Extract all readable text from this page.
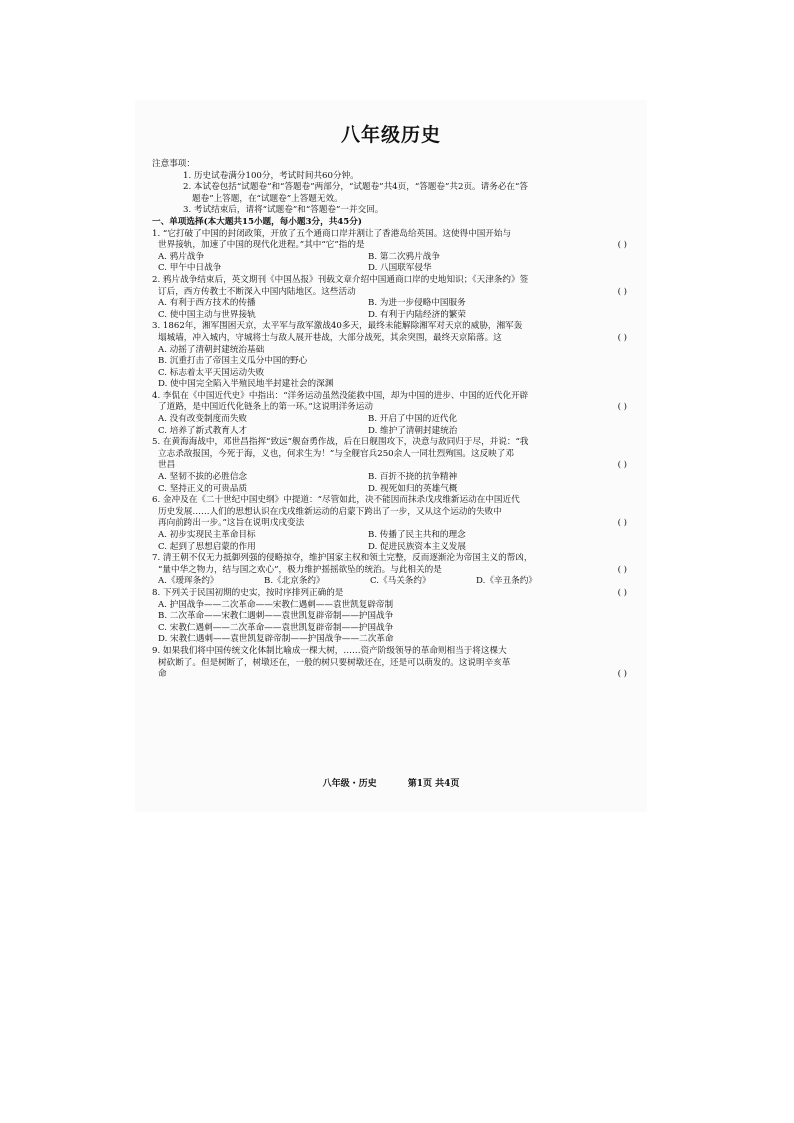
八年级历史
注意事项：
1. 历史试卷满分100分，考试时间共60分钟。
2. 本试卷包括“试题卷”和“答题卷”两部分，“试题卷”共4页，“答题卷”共2页。请务必在“答
题卷”上答题，在“试题卷”上答题无效。
3. 考试结束后，请将“试题卷”和“答题卷”一并交回。
一、单项选择(本大题共15小题，每小题3分，共45分)
1. “它打破了中国的封闭政策，开放了五个通商口岸并割让了香港岛给英国。这使得中国开始与
世界接轨，加速了中国的现代化进程。”其中“它”指的是	( )
A. 鸦片战争	B. 第二次鸦片战争
C. 甲午中日战争	D. 八国联军侵华
2. 鸦片战争结束后，英文期刊《中国丛报》刊载文章介绍中国通商口岸的史地知识；《天津条约》签
订后，西方传教士不断深入中国内陆地区。这些活动	( )
A. 有利于西方技术的传播	B. 为进一步侵略中国服务
C. 使中国主动与世界接轨	D. 有利于内陆经济的繁荣
3. 1862年，湘军围困天京，太平军与敌军激战40多天，最终未能解除湘军对天京的威胁，湘军轰
塌城墙，冲入城内，守城将士与敌人展开巷战，大部分战死，其余突围，最终天京陷落。这	( )
A. 动摇了清朝封建统治基础
B. 沉重打击了帝国主义瓜分中国的野心
C. 标志着太平天国运动失败
D. 使中国完全陷入半殖民地半封建社会的深渊
4. 李侃在《中国近代史》中指出：“洋务运动虽然没能救中国，却为中国的进步、中国的近代化开辟
了道路，是中国近代化链条上的第一环。”这说明洋务运动	( )
A. 没有改变制度而失败	B. 开启了中国的近代化
C. 培养了新式教育人才	D. 维护了清朝封建统治
5. 在黄海海战中，邓世昌指挥“致远”舰奋勇作战，后在日舰围攻下，决意与敌同归于尽，并说：“我
立志杀敌报国，今死于海，义也，何求生为！”与全舰官兵250余人一同壮烈殉国。这反映了邓
世昌	( )
A. 坚韧不拔的必胜信念	B. 百折不挠的抗争精神
C. 坚持正义的可贵品质	D. 视死如归的英雄气概
6. 金冲及在《二十世纪中国史纲》中提道：“尽管如此，决不能因而抹杀戊戌维新运动在中国近代
历史发展……人们的思想认识在戊戌维新运动的启蒙下跨出了一步，又从这个运动的失败中
再向前跨出一步。”这旨在说明戊戌变法	( )
A. 初步实现民主革命目标	B. 传播了民主共和的理念
C. 起到了思想启蒙的作用	D. 促进民族资本主义发展
7. 清王朝不仅无力抵御列强的侵略掠夺，维护国家主权和领土完整，反而逐渐沦为帝国主义的帮凶，
“量中华之物力，结与国之欢心”，极力维护摇摇欲坠的统治。与此相关的是	( )
A.《瑷珲条约》	B.《北京条约》	C.《马关条约》	D.《辛丑条约》
8. 下列关于民国初期的史实，按时序排列正确的是	( )
A. 护国战争——二次革命——宋教仁遇刺——袁世凯复辟帝制
B. 二次革命——宋教仁遇刺——袁世凯复辟帝制——护国战争
C. 宋教仁遇刺——二次革命——袁世凯复辟帝制——护国战争
D. 宋教仁遇刺——袁世凯复辟帝制——护国战争——二次革命
9. 如果我们将中国传统文化体制比喻成一棵大树，……资产阶级领导的革命则相当于将这棵大
树砍断了。但是树断了，树墩还在，一般的树只要树墩还在，还是可以萌发的。这说明辛亥革
命	( )
八年级・历史	第1页 共4页
